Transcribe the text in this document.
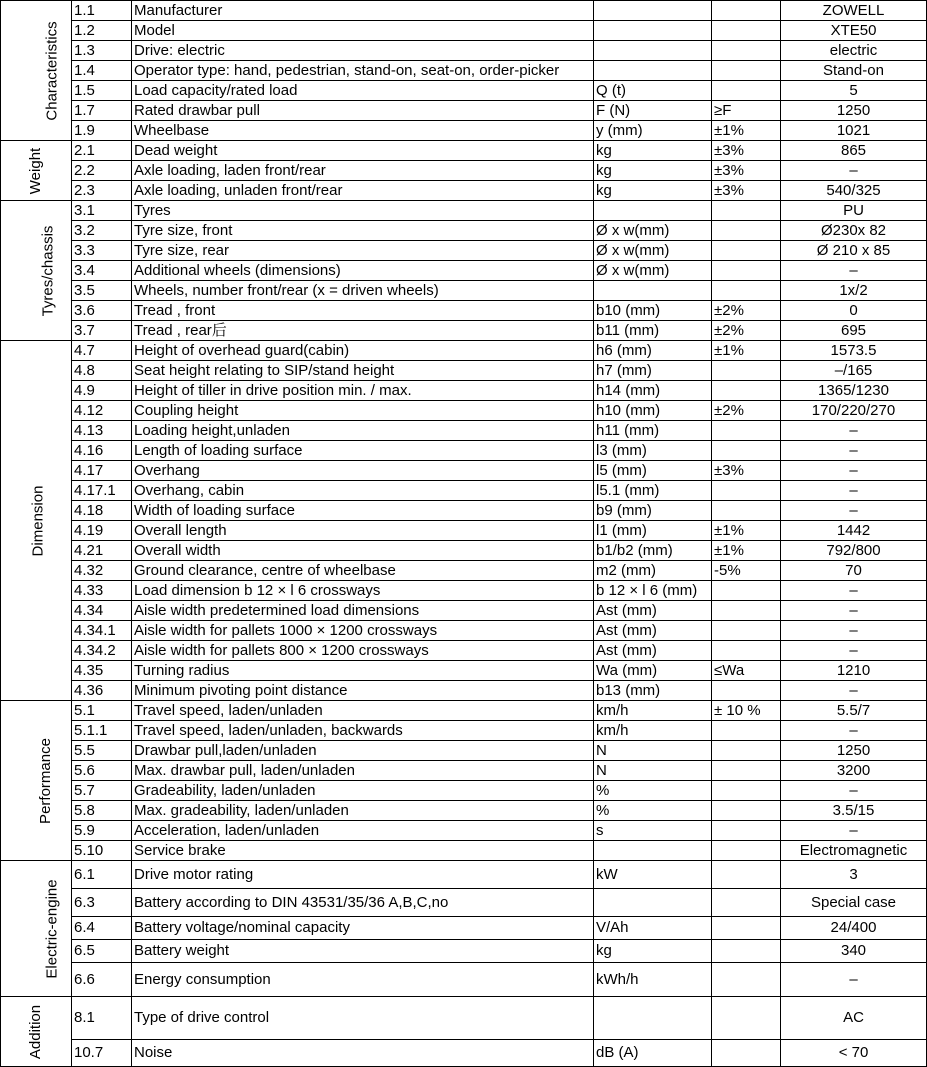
Characteristics	1.1	Manufacturer			ZOWELL
	1.2	Model			XTE50
	1.3	Drive: electric			electric
	1.4	Operator type: hand, pedestrian, stand-on, seat-on, order-picker			Stand-on
	1.5	Load capacity/rated load	Q (t)		5
	1.7	Rated drawbar pull	F (N)	≥F	1250
	1.9	Wheelbase	y (mm)	±1%	1021
Weight	2.1	Dead weight	kg	±3%	865
	2.2	Axle loading, laden front/rear	kg	±3%	–
	2.3	Axle loading, unladen front/rear	kg	±3%	540/325
Tyres/chassis	3.1	Tyres			PU
	3.2	Tyre size, front	Ø x w(mm)		Ø230x 82
	3.3	Tyre size, rear	Ø x w(mm)		Ø 210 x 85
	3.4	Additional wheels (dimensions)	Ø x w(mm)		–
	3.5	Wheels, number front/rear (x = driven wheels)			1x/2
	3.6	Tread , front	b10 (mm)	±2%	0
	3.7	Tread , rear后	b11 (mm)	±2%	695
Dimension	4.7	Height of overhead guard(cabin)	h6 (mm)	±1%	1573.5
	4.8	Seat height relating to SIP/stand height	h7 (mm)		–/165
	4.9	Height of tiller in drive position min. / max.	h14 (mm)		1365/1230
	4.12	Coupling height	h10 (mm)	±2%	170/220/270
	4.13	Loading height,unladen	h11 (mm)		–
	4.16	Length of loading surface	l3 (mm)		–
	4.17	Overhang	l5 (mm)	±3%	–
	4.17.1	Overhang, cabin	l5.1 (mm)		–
	4.18	Width of loading surface	b9 (mm)		–
	4.19	Overall length	l1 (mm)	±1%	1442
	4.21	Overall width	b1/b2 (mm)	±1%	792/800
	4.32	Ground clearance, centre of wheelbase	m2 (mm)	-5%	70
	4.33	Load dimension b 12 × l 6 crossways	b 12 × l 6 (mm)		–
	4.34	Aisle width predetermined load dimensions	Ast (mm)		–
	4.34.1	Aisle width for pallets 1000 × 1200 crossways	Ast (mm)		–
	4.34.2	Aisle width for pallets 800 × 1200 crossways	Ast (mm)		–
	4.35	Turning radius	Wa (mm)	≤Wa	1210
	4.36	Minimum pivoting point distance	b13 (mm)		–
Performance	5.1	Travel speed, laden/unladen	km/h	± 10 %	5.5/7
	5.1.1	Travel speed, laden/unladen, backwards	km/h		–
	5.5	Drawbar pull,laden/unladen	N		1250
	5.6	Max. drawbar pull, laden/unladen	N		3200
	5.7	Gradeability, laden/unladen	%		–
	5.8	Max. gradeability, laden/unladen	%		3.5/15
	5.9	Acceleration, laden/unladen	s		–
	5.10	Service brake			Electromagnetic
Electric-engine	6.1	Drive motor rating	kW		3
	6.3	Battery according to DIN 43531/35/36 A,B,C,no			Special case
	6.4	Battery voltage/nominal capacity	V/Ah		24/400
	6.5	Battery weight	kg		340
	6.6	Energy consumption	kWh/h		–
Addition	8.1	Type of drive control			AC
	10.7	Noise	dB (A)		< 70
